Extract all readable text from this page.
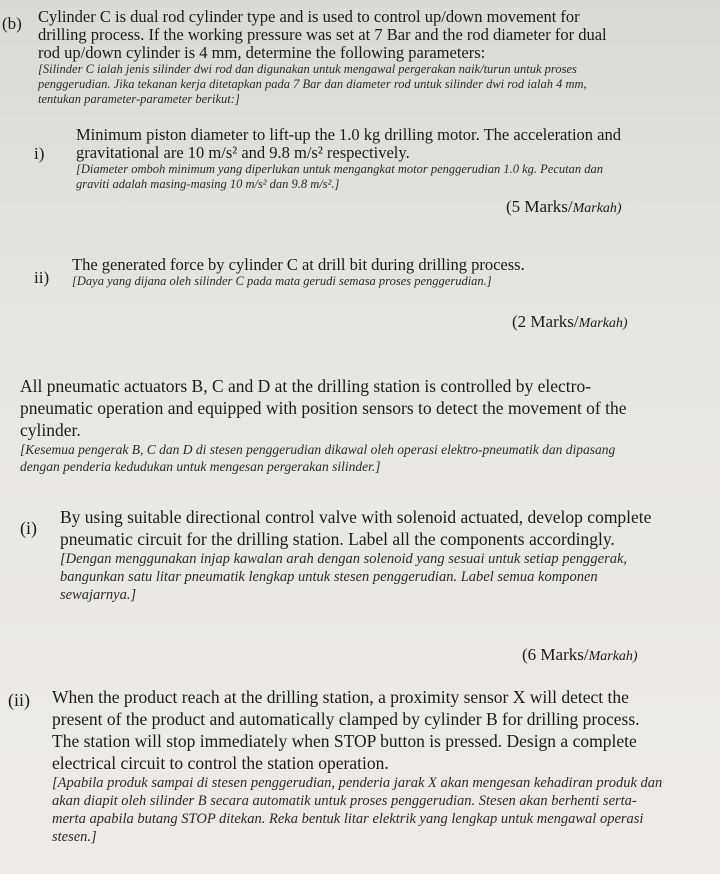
(b) Cylinder C is dual rod cylinder type and is used to control up/down movement for drilling process. If the working pressure was set at 7 Bar and the rod diameter for dual rod up/down cylinder is 4 mm, determine the following parameters:

[Silinder C ialah jenis silinder dwi rod dan digunakan untuk mengawal pergerakan naik/turun untuk proses penggerudian. Jika tekanan kerja ditetapkan pada 7 Bar dan diameter rod untuk silinder dwi rod ialah 4 mm, tentukan parameter-parameter berikut:]

i)

Minimum piston diameter to lift-up the 1.0 kg drilling motor. The acceleration and gravitational are 10 m/s² and 9.8 m/s² respectively.

[Diameter omboh minimum yang diperlukan untuk mengangkat motor penggerudian 1.0 kg. Pecutan dan graviti adalah masing-masing 10 m/s² dan 9.8 m/s².]

(5 Marks/Markah)
ii)

The generated force by cylinder C at drill bit during drilling process.

[Daya yang dijana oleh silinder C pada mata gerudi semasa proses penggerudian.]

(2 Marks/Markah)

All pneumatic actuators B, C and D at the drilling station is controlled by electro-pneumatic operation and equipped with position sensors to detect the movement of the cylinder.

[Kesemua pengerak B, C dan D di stesen penggerudian dikawal oleh operasi elektro-pneumatik dan dipasang dengan penderia kedudukan untuk mengesan pergerakan silinder.]

(i)

By using suitable directional control valve with solenoid actuated, develop complete pneumatic circuit for the drilling station. Label all the components accordingly.

[Dengan menggunakan injap kawalan arah dengan solenoid yang sesuai untuk setiap penggerak, bangunkan satu litar pneumatik lengkap untuk stesen penggerudian. Label semua komponen sewajarnya.]

(6 Marks/Markah)
(ii) When the product reach at the drilling station, a proximity sensor X will detect the present of the product and automatically clamped by cylinder B for drilling process. The station will stop immediately when STOP button is pressed. Design a complete electrical circuit to control the station operation.

[Apabila produk sampai di stesen penggerudian, penderia jarak X akan mengesan kehadiran produk dan akan diapit oleh silinder B secara automatik untuk proses penggerudian. Stesen akan berhenti serta-merta apabila butang STOP ditekan. Reka bentuk litar elektrik yang lengkap untuk mengawal operasi stesen.]
